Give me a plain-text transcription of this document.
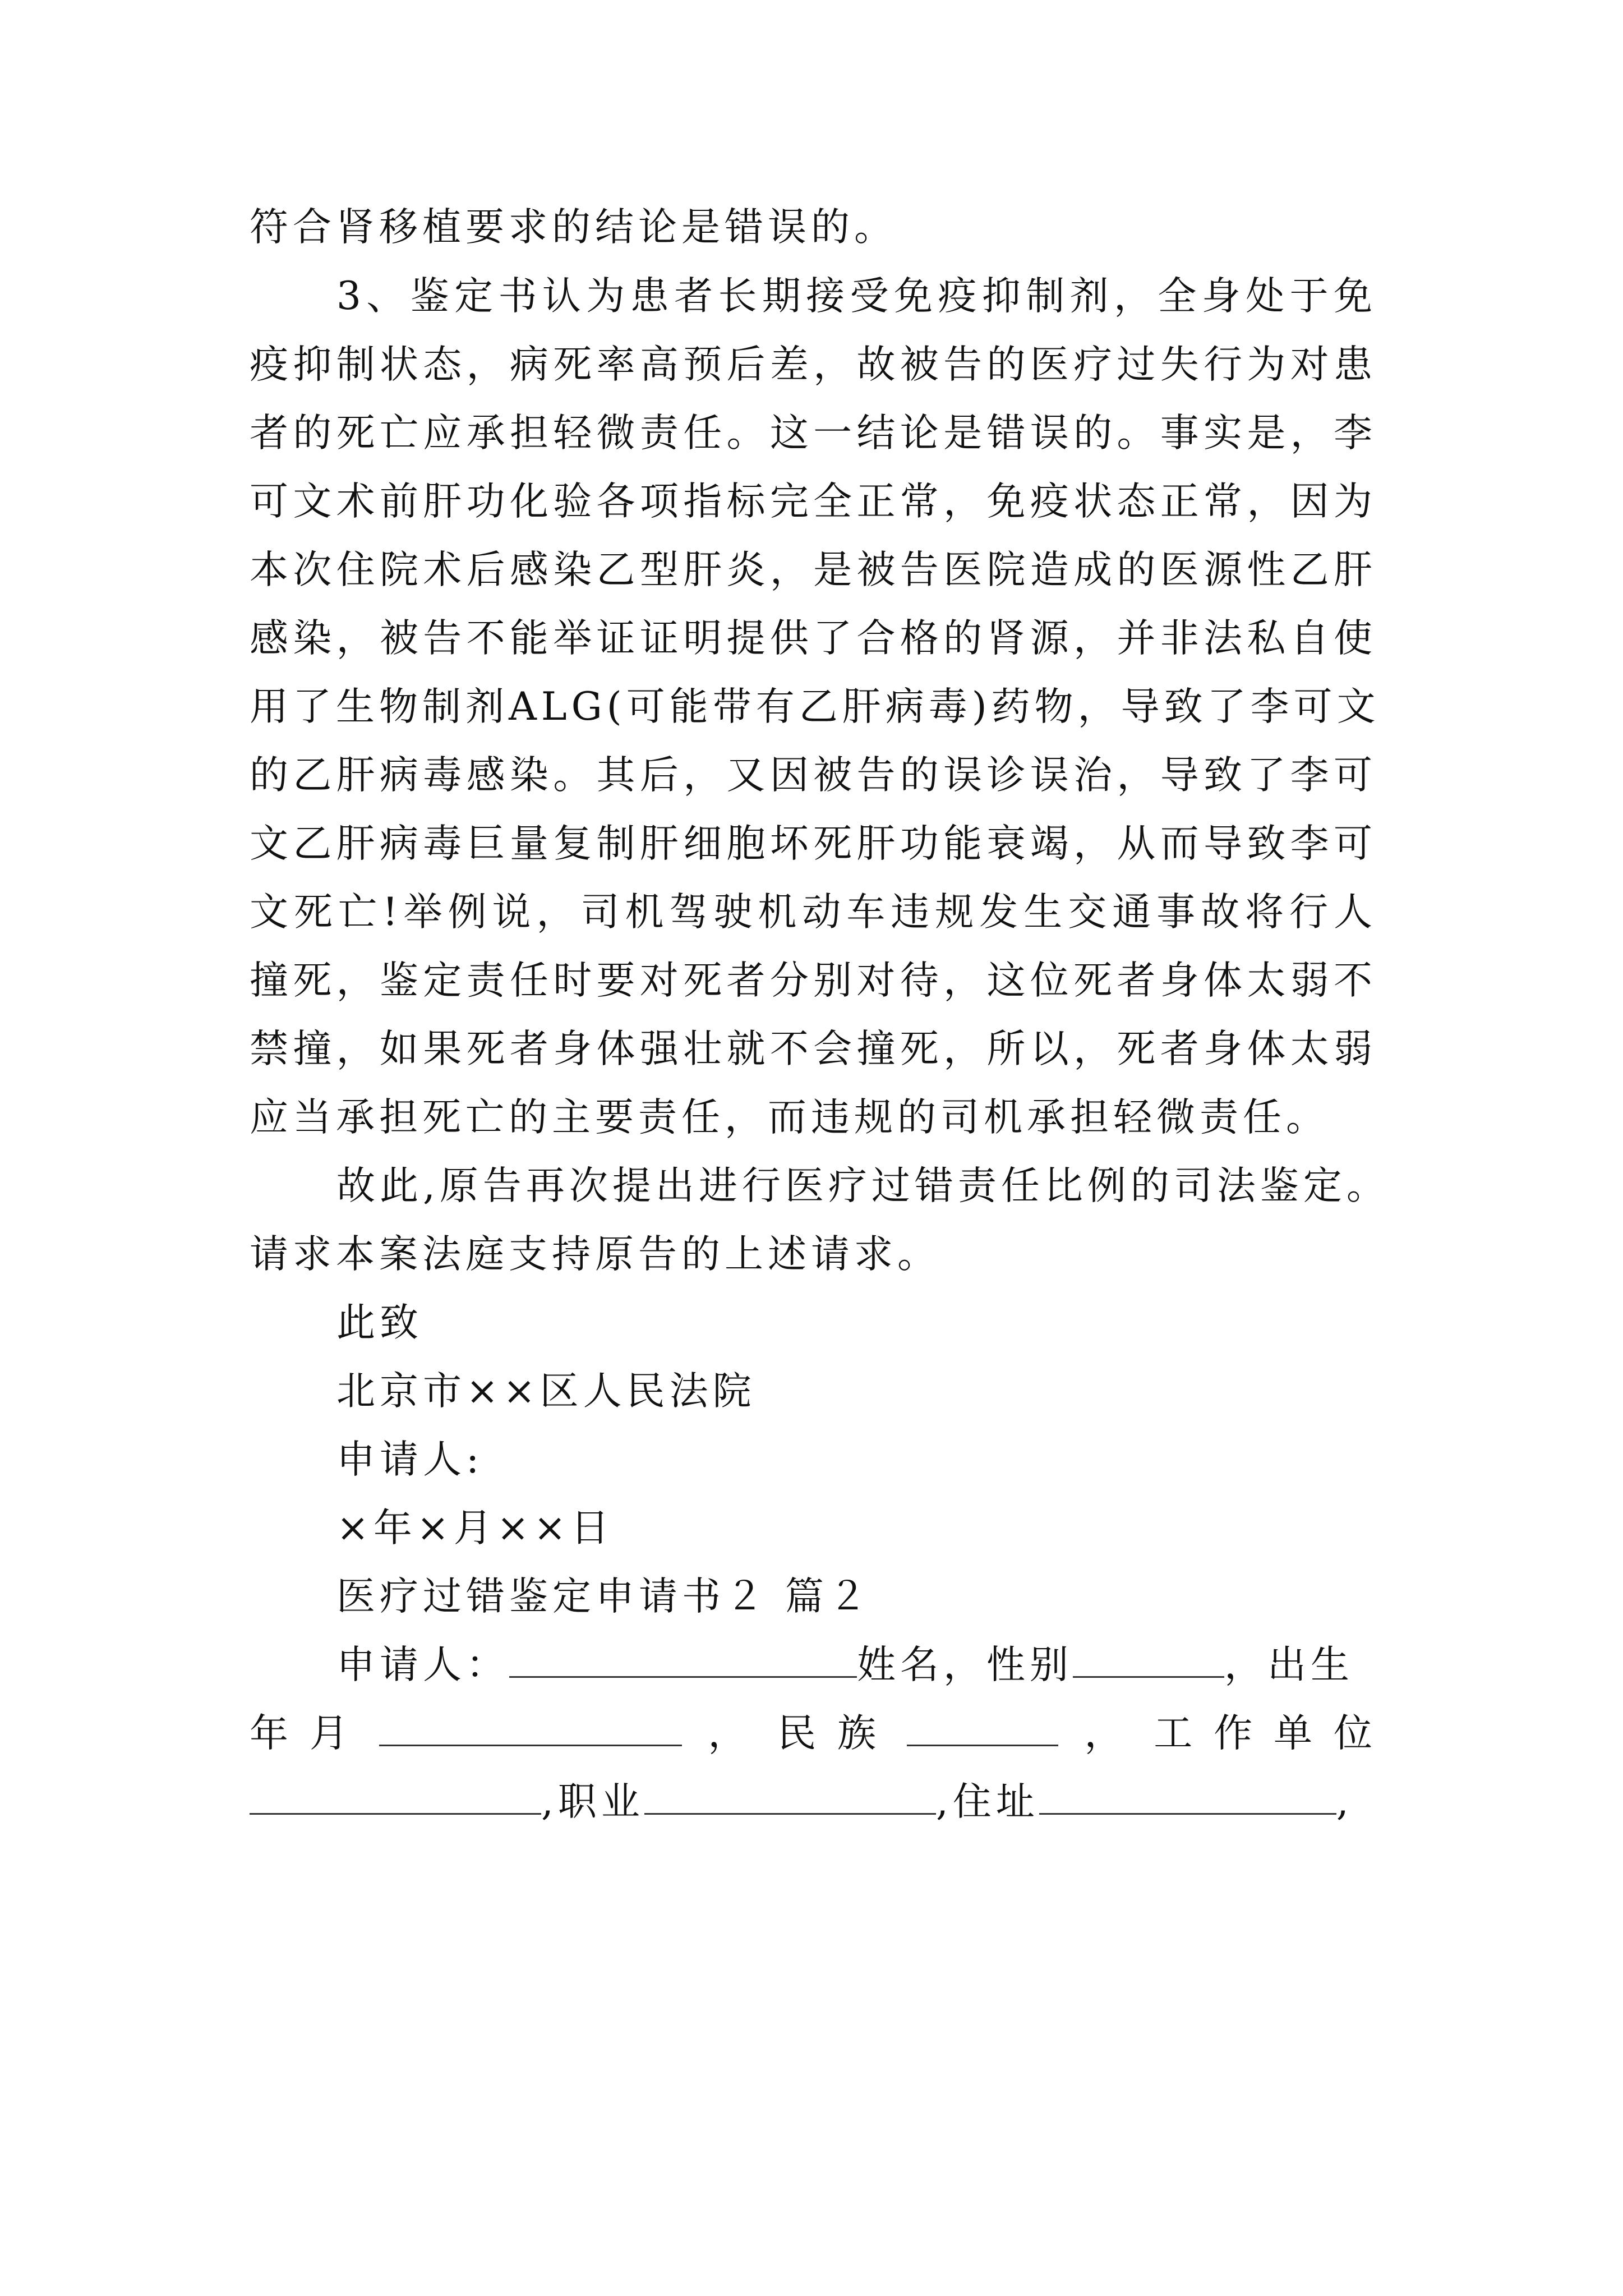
符合肾移植要求的结论是错误的。
3、鉴定书认为患者长期接受免疫抑制剂，全身处于免
疫抑制状态，病死率高预后差，故被告的医疗过失行为对患
者的死亡应承担轻微责任。这一结论是错误的。事实是，李
可文术前肝功化验各项指标完全正常，免疫状态正常，因为
本次住院术后感染乙型肝炎，是被告医院造成的医源性乙肝
感染，被告不能举证证明提供了合格的肾源，并非法私自使
用了生物制剂ALG(可能带有乙肝病毒)药物，导致了李可文
的乙肝病毒感染。其后，又因被告的误诊误治，导致了李可
文乙肝病毒巨量复制肝细胞坏死肝功能衰竭，从而导致李可
文死亡!举例说，司机驾驶机动车违规发生交通事故将行人
撞死，鉴定责任时要对死者分别对待，这位死者身体太弱不
禁撞，如果死者身体强壮就不会撞死，所以，死者身体太弱
应当承担死亡的主要责任，而违规的司机承担轻微责任。
故此,原告再次提出进行医疗过错责任比例的司法鉴定。
请求本案法庭支持原告的上述请求。
此致
北京市××区人民法院
申请人:
×年×月××日
医疗过错鉴定申请书２ 篇２
申请人：	姓名，性别	，出生
年 月	， 民 族	， 工 作 单 位
,职业	,住址	,
